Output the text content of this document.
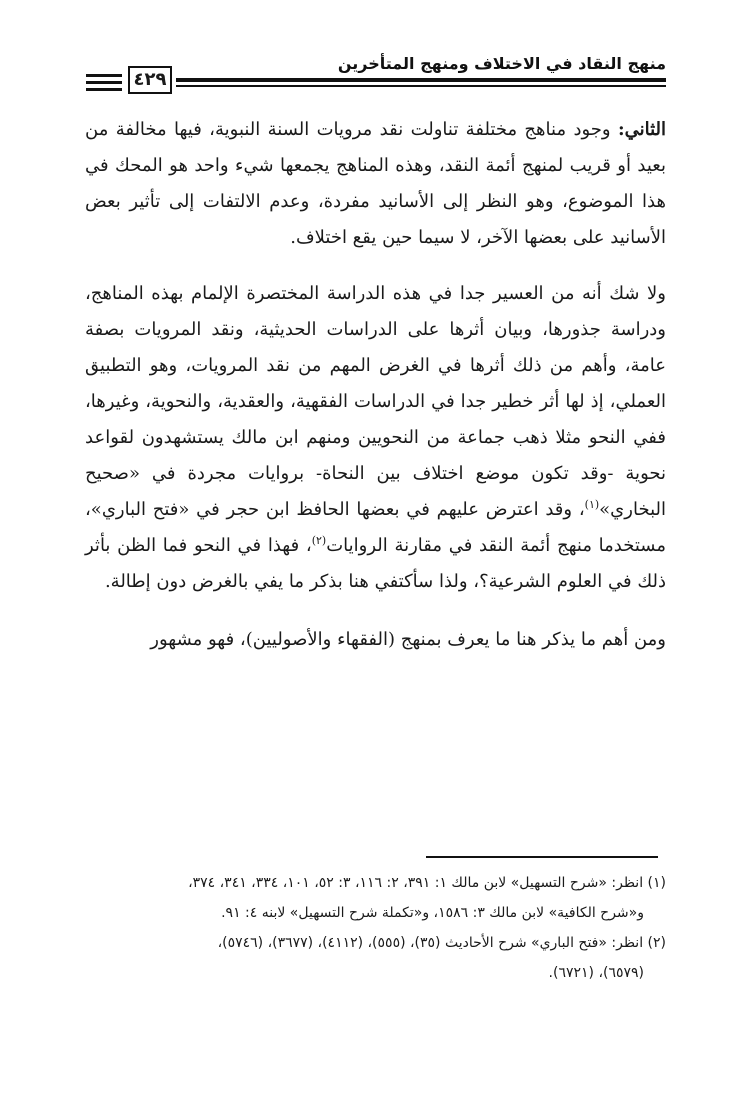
٤٢٩
منهج النقاد في الاختلاف ومنهج المتأخرين

الثاني: وجود مناهج مختلفة تناولت نقد مرويات السنة النبوية، فيها مخالفة من بعيد أو قريب لمنهج أئمة النقد، وهذه المناهج يجمعها شيء واحد هو المحك في هذا الموضوع، وهو النظر إلى الأسانيد مفردة، وعدم الالتفات إلى تأثير بعض الأسانيد على بعضها الآخر، لا سيما حين يقع اختلاف.

ولا شك أنه من العسير جدا في هذه الدراسة المختصرة الإلمام بهذه المناهج، ودراسة جذورها، وبيان أثرها على الدراسات الحديثية، ونقد المرويات بصفة عامة، وأهم من ذلك أثرها في الغرض المهم من نقد المرويات، وهو التطبيق العملي، إذ لها أثر خطير جدا في الدراسات الفقهية، والعقدية، والنحوية، وغيرها، ففي النحو مثلا ذهب جماعة من النحويين ومنهم ابن مالك يستشهدون لقواعد نحوية -وقد تكون موضع اختلاف بين النحاة- بروايات مجردة في «صحيح البخاري»$^{(١)}$، وقد اعترض عليهم في بعضها الحافظ ابن حجر في «فتح الباري»، مستخدما منهج أئمة النقد في مقارنة الروايات$^{(٢)}$، فهذا في النحو فما الظن بأثر ذلك في العلوم الشرعية؟، ولذا سأكتفي هنا بذكر ما يفي بالغرض دون إطالة.

ومن أهم ما يذكر هنا ما يعرف بمنهج (الفقهاء والأصوليين)، فهو مشهور

(١) انظر: «شرح التسهيل» لابن مالك ١: ٣٩١، ٢: ١١٦، ٣: ٥٢، ١٠١، ٣٣٤، ٣٤١، ٣٧٤،

و«شرح الكافية» لابن مالك ٣: ١٥٨٦، و«تكملة شرح التسهيل» لابنه ٤: ٩١.

(٢) انظر: «فتح الباري» شرح الأحاديث (٣٥)، (٥٥٥)، (٤١١٢)، (٣٦٧٧)، (٥٧٤٦)،

(٦٥٧٩)، (٦٧٢١).
